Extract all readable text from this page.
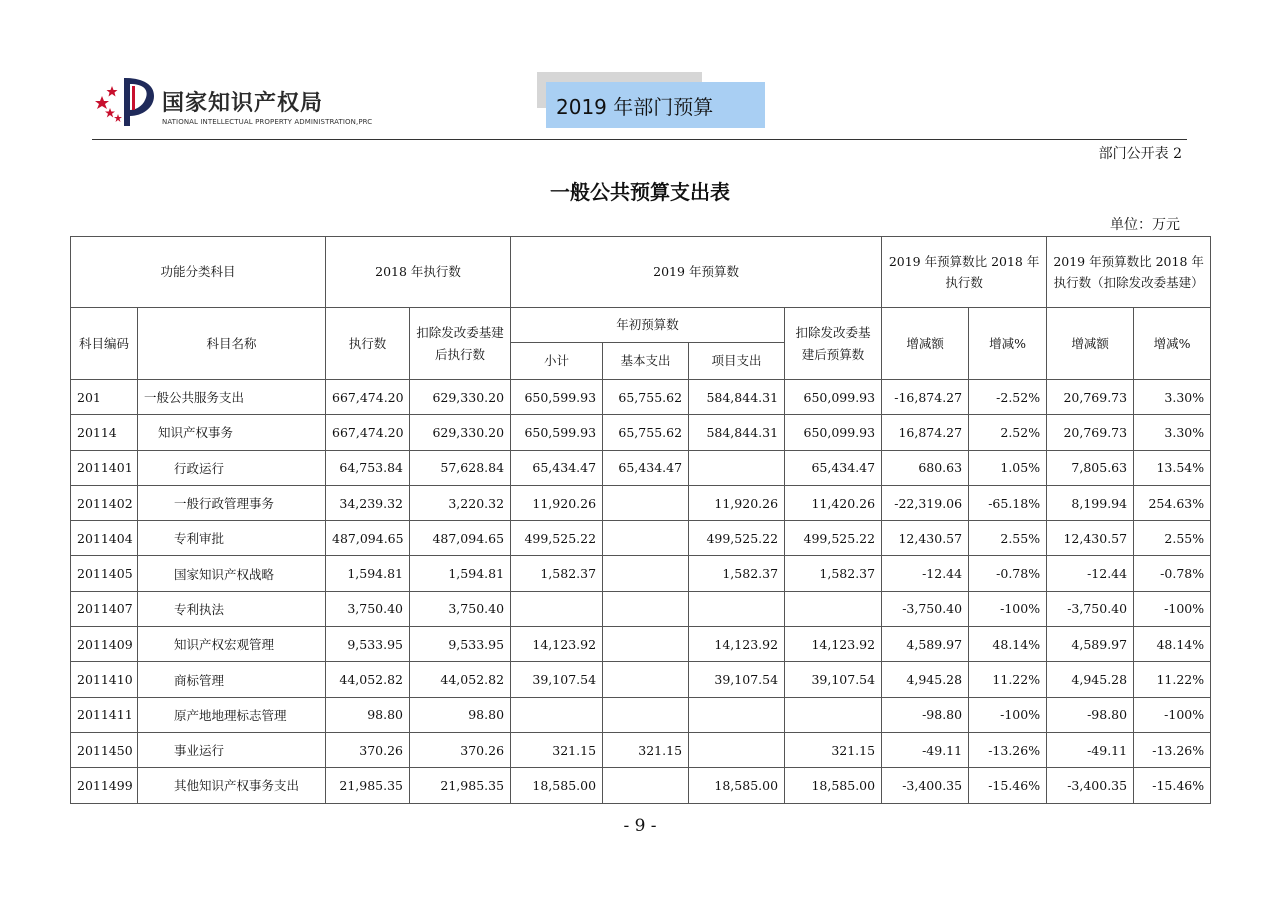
国家知识产权局
NATIONAL INTELLECTUAL PROPERTY ADMINISTRATION,PRC
2019 年部门预算
部门公开表 2
一般公共预算支出表
单位：万元
功能分类科目		2018 年执行数		2019 年预算数				2019 年预算数比 2018 年执行数		2019 年预算数比 2018 年执行数（扣除发改委基建）	
科目编码	科目名称	执行数	扣除发改委基建后执行数	年初预算数			扣除发改委基建后预算数	增减额	增减%	增减额	增减%
				小计	基本支出	项目支出					
201	一般公共服务支出	667,474.20	629,330.20	650,599.93	65,755.62	584,844.31	650,099.93	-16,874.27	-2.52%	20,769.73	3.30%
20114	知识产权事务	667,474.20	629,330.20	650,599.93	65,755.62	584,844.31	650,099.93	16,874.27	2.52%	20,769.73	3.30%
2011401	行政运行	64,753.84	57,628.84	65,434.47	65,434.47		65,434.47	680.63	1.05%	7,805.63	13.54%
2011402	一般行政管理事务	34,239.32	3,220.32	11,920.26		11,920.26	11,420.26	-22,319.06	-65.18%	8,199.94	254.63%
2011404	专利审批	487,094.65	487,094.65	499,525.22		499,525.22	499,525.22	12,430.57	2.55%	12,430.57	2.55%
2011405	国家知识产权战略	1,594.81	1,594.81	1,582.37		1,582.37	1,582.37	-12.44	-0.78%	-12.44	-0.78%
2011407	专利执法	3,750.40	3,750.40					-3,750.40	-100%	-3,750.40	-100%
2011409	知识产权宏观管理	9,533.95	9,533.95	14,123.92		14,123.92	14,123.92	4,589.97	48.14%	4,589.97	48.14%
2011410	商标管理	44,052.82	44,052.82	39,107.54		39,107.54	39,107.54	4,945.28	11.22%	4,945.28	11.22%
2011411	原产地地理标志管理	98.80	98.80					-98.80	-100%	-98.80	-100%
2011450	事业运行	370.26	370.26	321.15	321.15		321.15	-49.11	-13.26%	-49.11	-13.26%
2011499	其他知识产权事务支出	21,985.35	21,985.35	18,585.00		18,585.00	18,585.00	-3,400.35	-15.46%	-3,400.35	-15.46%
- 9 -
